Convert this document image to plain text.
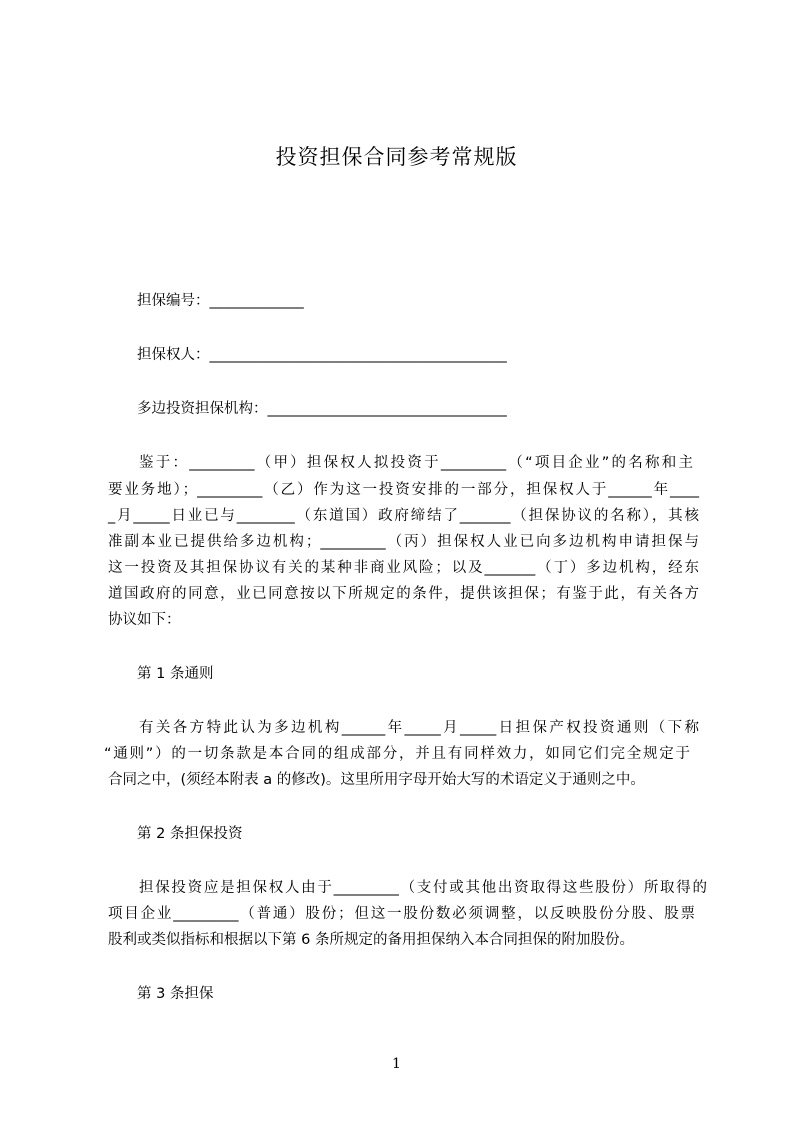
投资担保合同参考常规版

担保编号：_____________

担保权人：_________________________________________

多边投资担保机构：_________________________________

鉴于：_________（甲）担保权人拟投资于_________（“项目企业”的名称和主

要业务地）；_________（乙）作为这一投资安排的一部分，担保权人于______年____

_月_____日业已与________（东道国）政府缔结了_______（担保协议的名称），其核

准副本业已提供给多边机构；_________（丙）担保权人业已向多边机构申请担保与

这一投资及其担保协议有关的某种非商业风险；以及_______（丁）多边机构，经东

道国政府的同意，业已同意按以下所规定的条件，提供该担保；有鉴于此，有关各方

协议如下：

第 1 条通则

有关各方特此认为多边机构______年_____月_____日担保产权投资通则（下称

“通则”）的一切条款是本合同的组成部分，并且有同样效力，如同它们完全规定于

合同之中，(须经本附表 a 的修改)。这里所用字母开始大写的术语定义于通则之中。

第 2 条担保投资

担保投资应是担保权人由于_________（支付或其他出资取得这些股份）所取得的

项目企业_________（普通）股份；但这一股份数必须调整，以反映股份分股、股票

股利或类似指标和根据以下第 6 条所规定的备用担保纳入本合同担保的附加股份。

第 3 条担保

1
